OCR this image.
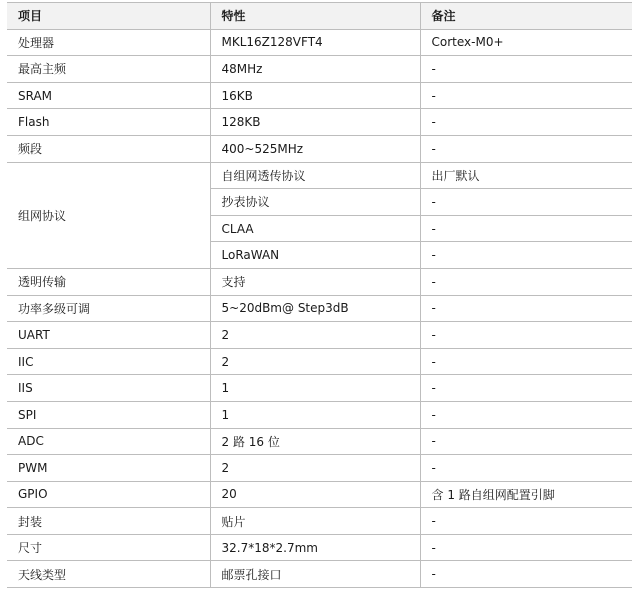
项目	特性	备注
处理器	MKL16Z128VFT4	Cortex-M0+
最高主频	48MHz	-
SRAM	16KB	-
Flash	128KB	-
频段	400~525MHz	-
组网协议	自组网透传协议	出厂默认
	抄表协议	-
	CLAA	-
	LoRaWAN	-
透明传输	支持	-
功率多级可调	5~20dBm@ Step3dB	-
UART	2	-
IIC	2	-
IIS	1	-
SPI	1	-
ADC	2 路 16 位	-
PWM	2	-
GPIO	20	含 1 路自组网配置引脚
封装	贴片	-
尺寸	32.7*18*2.7mm	-
天线类型	邮票孔接口	-
